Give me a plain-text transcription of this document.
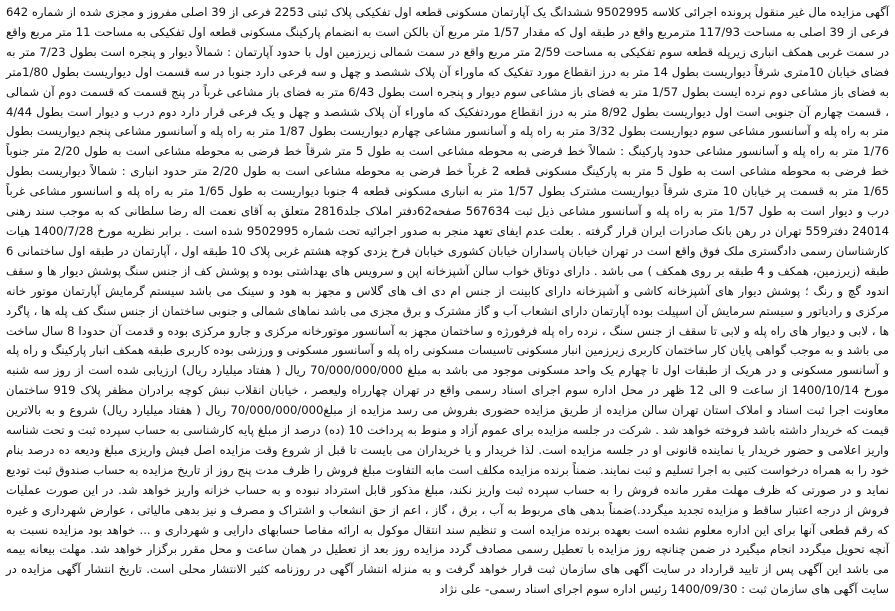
آگهی مزایده مال غیر منقول پرونده اجرائی کلاسه 9502995 ششدانگ یک آپارتمان مسکونی قطعه اول تفکیکی پلاک ثبتی 2253 فرعی از 39 اصلی مفروز و مجزی شده از شماره 642 فرعی از 39 اصلی به مساحت 117/93 مترمربع واقع در طبقه اول که مقدار 1/57 متر مربع آن بالکن است به انضمام پارکینگ مسکونی قطعه اول تفکیکی به مساحت 11 متر مربع واقع در سمت غربی همکف انباری زیرپله قطعه سوم تفکیکی به مساحت 2/59 متر مربع واقع در سمت شمالی زیرزمین اول با حدود آپارتمان : شمالاً دیوار و پنجره است بطول 7/23 متر به فضای خیابان 10متری شرقاً دیواریست بطول 14 متر به درز انقطاع مورد تفکیک که ماوراء آن پلاک ششصد و چهل و سه فرعی دارد جنوبا در سه قسمت اول دیواریست بطول 1/80متر به فضای باز مشاعی دوم نرده ایست بطول 1/57 متر به فضای باز مشاعی سوم دیوار و پنجره است بطول 6/43 متر به فضای باز مشاعی غرباً در پنج قسمت که قسمت دوم آن شمالی ، قسمت چهارم آن جنوبی است اول دیواریست بطول 8/92 متر به درز انقطاع موردتفکیک که ماوراء آن پلاک ششصد و چهل و یک فرعی قرار دارد دوم درب و دیوار است بطول 4/44 متر به راه پله و آسانسور مشاعی سوم دیواریست بطول 3/32 متر به راه پله و آسانسور مشاعی چهارم دیواریست بطول 1/87 متر به راه پله و آسانسور مشاعی پنجم دیواریست بطول 1/76 متر به راه پله و آسانسور مشاعی حدود پارکینگ : شمالاً خط فرضی به محوطه مشاعی است به طول 5 متر شرقاً خط فرضی به محوطه مشاعی است به طول 2/20 متر جنوباً خط فرضی به محوطه مشاعی است به طول 5 متر به پارکینگ مسکونی قطعه 2 غرباً خط فرضی به محوطه مشاعی است به طول 2/20 متر حدود انباری : شمالاً دیواریست بطول 1/65 متر به قسمت پر خیابان 10 متری شرقاً دیواریست مشترک بطول 1/57 متر به انباری مسکونی قطعه 4 جنوبا دیواریست به طول 1/65 متر به راه پله و اسانسور مشاعی غرباً درب و دیوار است به طول 1/57 متر به راه پله و آسانسور مشاعی ذیل ثبت 567634 صفحه62دفتر املاک جلد2816 متعلق به آقای نعمت اله رضا سلطانی که به موجب سند رهنی 24014 دفتر559 تهران در رهن بانک صادرات ایران قرار گرفته . بعلت عدم ایفای تعهد منجر به صدور اجرائیه تحت شماره 9502995 شده است . برابر نظریه مورخ 1400/7/28 هیات کارشناسان رسمی دادگستری ملک فوق واقع است در تهران خیابان پاسداران خیابان کشوری خیابان فرخ یزدی کوچه هشتم غربی پلاک 10 طبقه اول ، آپارتمان در طبقه اول ساختمانی 6 طبقه (زیرزمین، همکف و 4 طبقه بر روی همکف ) می باشد . دارای دوتاق خواب سالن آشپزخانه اپن و سرویس های بهداشتی بوده و پوشش کف از جنس سنگ پوشش دیوار ها و سقف اندود گچ و رنگ ؛ پوشش دیوار های آشپزخانه کاشی و آشپزخانه دارای کابینت از جنس ام دی اف های گلاس و مجهز به هود و سینک می باشد سیستم گرمایش آپارتمان موتور خانه مرکزی و رادیاتور و سیستم سرمایش آن اسپیلت بوده آپارتمان دارای انشعاب آب و گاز مشترک و برق مجزی می باشد نماهای شمالی و جنوبی ساختمان از جنس سنگ کف پله ها ، پاگرد ها ، لابی و دیوار های راه پله و لابی تا سقف از جنس سنگ ، نرده راه پله فرفورژه و ساختمان مجهز به آسانسور موتورخانه مرکزی و جارو مرکزی بوده و قدمت آن حدودا 8 سال ساخت می باشد و به موجب گواهی پایان کار ساختمان کاربری زیرزمین انبار مسکونی تاسیسات مسکونی راه پله و آسانسور مسکونی و ورزشی بوده کاربری طبقه همکف انبار پارکینگ و راه پله و آسانسور مسکونی و در هریک از طبقات اول تا چهارم یک واحد مسکونی موجود می باشد به مبلغ 70/000/000/000 ریال ( هفتاد میلیارد ریال) ارزیابی شده است از روز سه شنبه مورخ 1400/10/14 از ساعت 9 الی 12 ظهر در محل اداره سوم اجرای اسناد رسمی واقع در تهران چهارراه ولیعصر ، خیابان انقلاب نبش کوچه برادران مظفر پلاک 919 ساختمان معاونت اجرا ثبت اسناد و املاک استان تهران سالن مزایده از طریق مزایده حضوری بفروش می رسد مزایده از مبلغ70/000/000/000 ریال ( هفتاد میلیارد ریال) شروع و به بالاترین قیمت که خریدار داشته باشد فروخته خواهد شد . شرکت در جلسه مزایده برای عموم آزاد و منوط به پرداخت 10 (ده) درصد از مبلغ پایه کارشناسی به حساب سپرده ثبت و تحت شناسه واریز اعلامی و حضور خریدار یا نماینده قانونی او در جلسه مزایده است. لذا خریدار و یا خریداران می بایست تا قبل از شروع وقت مزایده اصل فیش واریزی مبلغ ودیعه ده درصد بنام خود را به همراه درخواست کتبی به اجرا تسلیم و ثبت نمایند. ضمناً برنده مزایده مکلف است مابه التفاوت مبلغ فروش را ظرف مدت پنج روز از تاریخ مزایده به حساب صندوق ثبت تودیع نماید و در صورتی که ظرف مهلت مقرر مانده فروش را به حساب سپرده ثبت واریز نکند، مبلغ مذکور قابل استرداد نبوده و به حساب خزانه واریز خواهد شد. در این صورت عملیات فروش از درجه اعتبار ساقط و مزایده تجدید میگردد.)ضمناً بدهی های مربوط به آب ، برق ، گاز ، اعم از حق انشعاب و اشتراک و مصرف و نیز بدهی مالیاتی ، عوارض شهرداری و غیره که رقم قطعی آنها برای این اداره معلوم نشده است بعهده برنده مزایده است و تنظیم سند انتقال موکول به ارائه مفاصا حسابهای دارایی و شهرداری و ... خواهد بود مزایده نسبت به آنچه تحویل میگردد انجام میگیرد در ضمن چنانچه روز مزایده با تعطیل رسمی مصادف گردد مزایده روز بعد از تعطیل در همان ساعت و محل مقرر برگزار خواهد شد. مهلت بیعانه بیمه می باشد این آگهی پس از تایید قرارداد در سایت آگهی های سازمان ثبت قرار خواهد گرفت و به منزله انتشار آگهی در روزنامه کثیر الانتشار محلی است. تاریخ انتشار آگهی مزایده در سایت آگهی های سازمان ثبت : 1400/09/30 رئیس اداره سوم اجرای اسناد رسمی- علی نژاد
